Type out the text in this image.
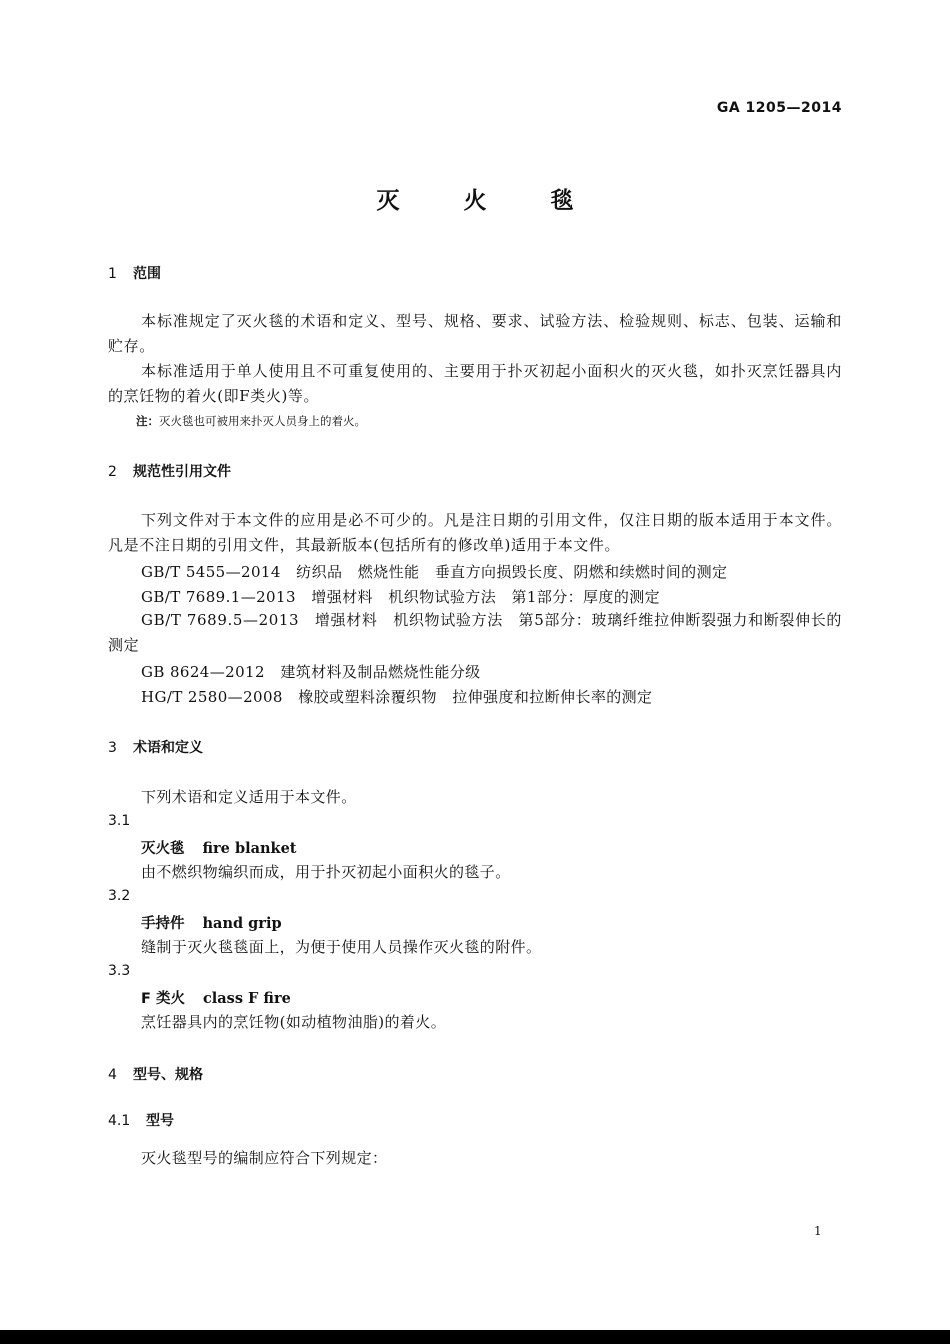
GA 1205—2014
灭	火	毯
1 范围
本标准规定了灭火毯的术语和定义、型号、规格、要求、试验方法、检验规则、标志、包装、运输和贮存。
本标准适用于单人使用且不可重复使用的、主要用于扑灭初起小面积火的灭火毯，如扑灭烹饪器具内的烹饪物的着火(即F类火)等。
注：灭火毯也可被用来扑灭人员身上的着火。
2 规范性引用文件
下列文件对于本文件的应用是必不可少的。凡是注日期的引用文件，仅注日期的版本适用于本文件。凡是不注日期的引用文件，其最新版本(包括所有的修改单)适用于本文件。
GB/T 5455—2014　纺织品　燃烧性能　垂直方向损毁长度、阴燃和续燃时间的测定
GB/T 7689.1—2013　增强材料　机织物试验方法　第1部分：厚度的测定
GB/T 7689.5—2013　增强材料　机织物试验方法　第5部分：玻璃纤维拉伸断裂强力和断裂伸长的测定
GB 8624—2012　建筑材料及制品燃烧性能分级
HG/T 2580—2008　橡胶或塑料涂覆织物　拉伸强度和拉断伸长率的测定
3 术语和定义
下列术语和定义适用于本文件。
3.1
灭火毯 fire blanket
由不燃织物编织而成，用于扑灭初起小面积火的毯子。
3.2
手持件 hand grip
缝制于灭火毯毯面上，为便于使用人员操作灭火毯的附件。
3.3
F 类火 class F fire
烹饪器具内的烹饪物(如动植物油脂)的着火。
4 型号、规格
4.1 型号
灭火毯型号的编制应符合下列规定：
1
